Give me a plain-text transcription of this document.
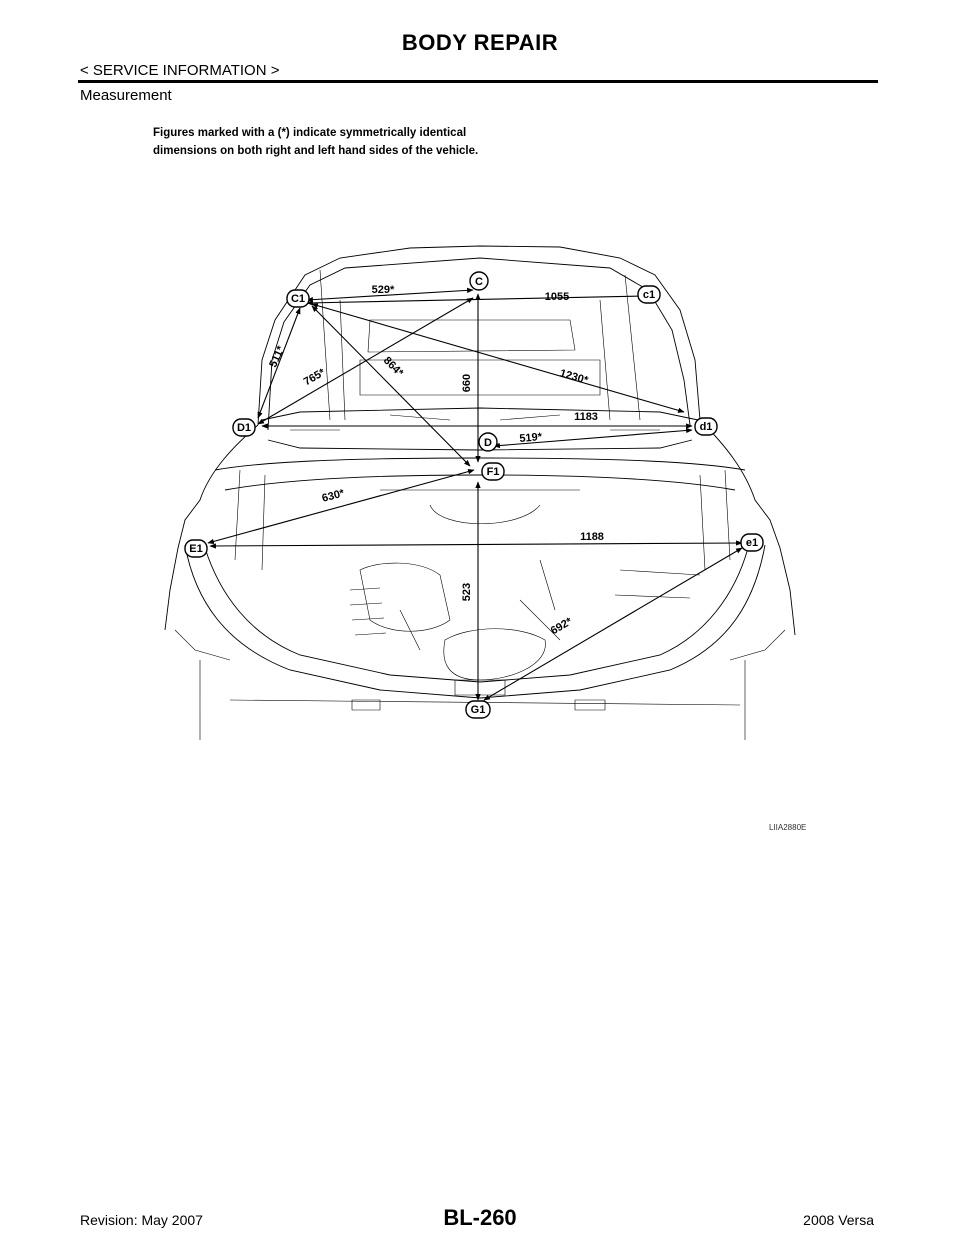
BODY REPAIR
< SERVICE INFORMATION >
Measurement
Figures marked with a (*) indicate symmetrically identical
dimensions on both right and left hand sides of the vehicle.
529*
1055
511*
765*	864*
660	1230*
1183
519*
630*
1188
523
692*
C
C1	c1
D1	d1
D
F1
E1	e1
G1
LIIA2880E
Revision: May 2007	BL-260	2008 Versa
